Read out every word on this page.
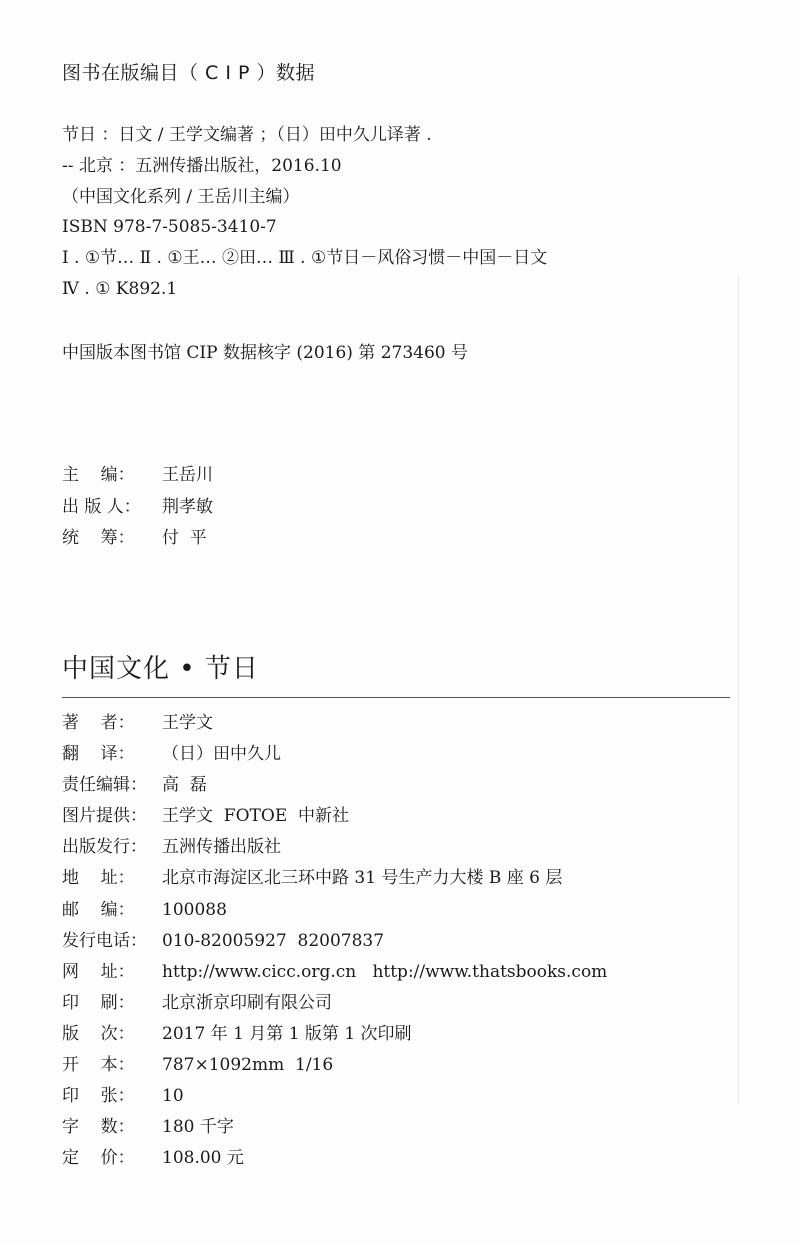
图书在版编目（ C I P ）数据
节日 ：日文 / 王学文编著 ；（日）田中久儿译著 .
-- 北京 ：五洲传播出版社，2016.10
（中国文化系列 / 王岳川主编）
ISBN 978-7-5085-3410-7
Ⅰ . ①节… Ⅱ . ①王… ②田… Ⅲ . ①节日－风俗习惯－中国－日文
Ⅳ . ① K892.1
中国版本图书馆 CIP 数据核字 (2016) 第 273460 号
主    编：	王岳川
出 版 人：	荆孝敏
统    筹：	付  平
中国文化 • 节日
著    者：	王学文
翻    译：	（日）田中久儿
责任编辑： 高  磊
图片提供： 王学文  FOTOE  中新社
出版发行： 五洲传播出版社
地    址：	北京市海淀区北三环中路 31 号生产力大楼 B 座 6 层
邮    编：	100088
发行电话： 010-82005927  82007837
网    址：	http://www.cicc.org.cn   http://www.thatsbooks.com
印    刷：	北京浙京印刷有限公司
版    次：	2017 年 1 月第 1 版第 1 次印刷
开    本：	787×1092mm  1/16
印    张：	10
字    数：	180 千字
定    价：	108.00 元
